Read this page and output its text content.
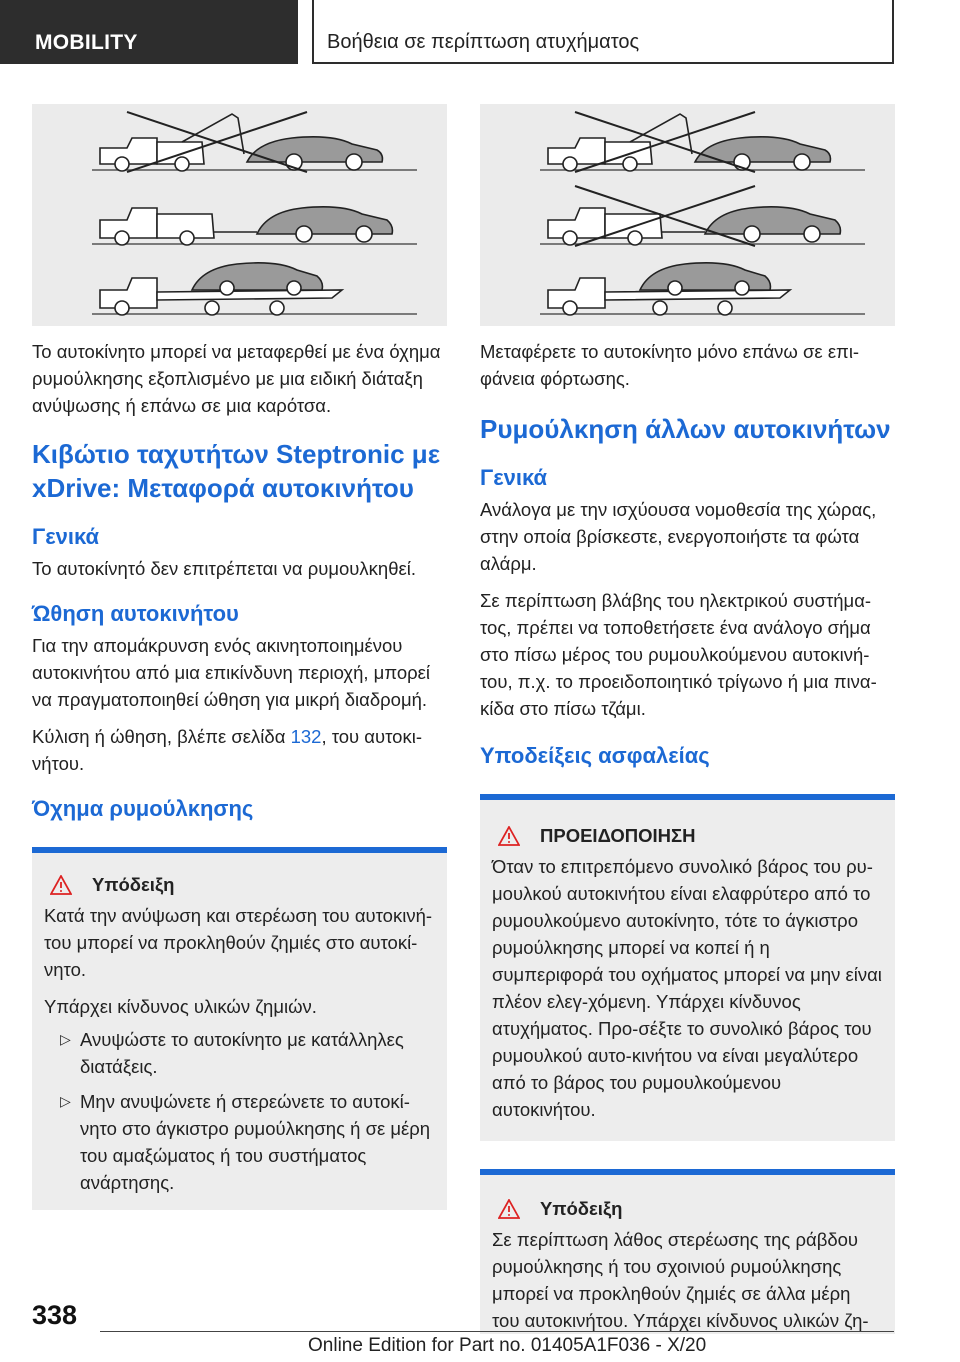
MOBILITY	Βοήθεια σε περίπτωση ατυχήματος

Το αυτοκίνητο μπορεί να μεταφερθεί με ένα όχημα ρυμούλκησης εξοπλισμένο με μια ειδική διάταξη ανύψωσης ή επάνω σε μια καρότσα.

Κιβώτιο ταχυτήτων Steptronic με xDrive: Μεταφορά αυτοκινήτου
Γενικά

Το αυτοκίνητό δεν επιτρέπεται να ρυμουλκηθεί.

Ώθηση αυτοκινήτου

Για την απομάκρυνση ενός ακινητοποιημένου αυτοκινήτου από μια επικίνδυνη περιοχή, μπορεί να πραγματοποιηθεί ώθηση για μικρή διαδρομή.

Κύλιση ή ώθηση, βλέπε σελίδα 132, του αυτοκι-νήτου.

Όχημα ρυμούλκησης
Υπόδειξη

Κατά την ανύψωση και στερέωση του αυτοκινή-του μπορεί να προκληθούν ζημιές στο αυτοκί-νητο.

Υπάρχει κίνδυνος υλικών ζημιών.

▷ Ανυψώστε το αυτοκίνητο με κατάλληλες διατάξεις.
▷ Μην ανυψώνετε ή στερεώνετε το αυτοκί-νητο στο άγκιστρο ρυμούλκησης ή σε μέρη του αμαξώματος ή του συστήματος ανάρτησης.

Μεταφέρετε το αυτοκίνητο μόνο επάνω σε επι-φάνεια φόρτωσης.

Ρυμούλκηση άλλων αυτοκινήτων
Γενικά

Ανάλογα με την ισχύουσα νομοθεσία της χώρας, στην οποία βρίσκεστε, ενεργοποιήστε τα φώτα αλάρμ.

Σε περίπτωση βλάβης του ηλεκτρικού συστήμα-τος, πρέπει να τοποθετήσετε ένα ανάλογο σήμα στο πίσω μέρος του ρυμουλκούμενου αυτοκινή-του, π.χ. το προειδοποιητικό τρίγωνο ή μια πινα-κίδα στο πίσω τζάμι.

Υποδείξεις ασφαλείας
ΠΡΟΕΙΔΟΠΟΙΗΣΗ

Όταν το επιτρεπόμενο συνολικό βάρος του ρυ-μουλκού αυτοκινήτου είναι ελαφρύτερο από το ρυμουλκούμενο αυτοκίνητο, τότε το άγκιστρο ρυμούλκησης μπορεί να κοπεί ή η συμπεριφορά του οχήματος μπορεί να μην είναι πλέον ελεγ-χόμενη. Υπάρχει κίνδυνος ατυχήματος. Προ-σέξτε το συνολικό βάρος του ρυμουλκού αυτο-κινήτου να είναι μεγαλύτερο από το βάρος του ρυμουλκούμενου αυτοκινήτου.

Υπόδειξη

Σε περίπτωση λάθος στερέωσης της ράβδου ρυμούλκησης ή του σχοινιού ρυμούλκησης μπορεί να προκληθούν ζημιές σε άλλα μέρη του αυτοκινήτου. Υπάρχει κίνδυνος υλικών ζη-

338
Online Edition for Part no. 01405A1F036 - X/20
